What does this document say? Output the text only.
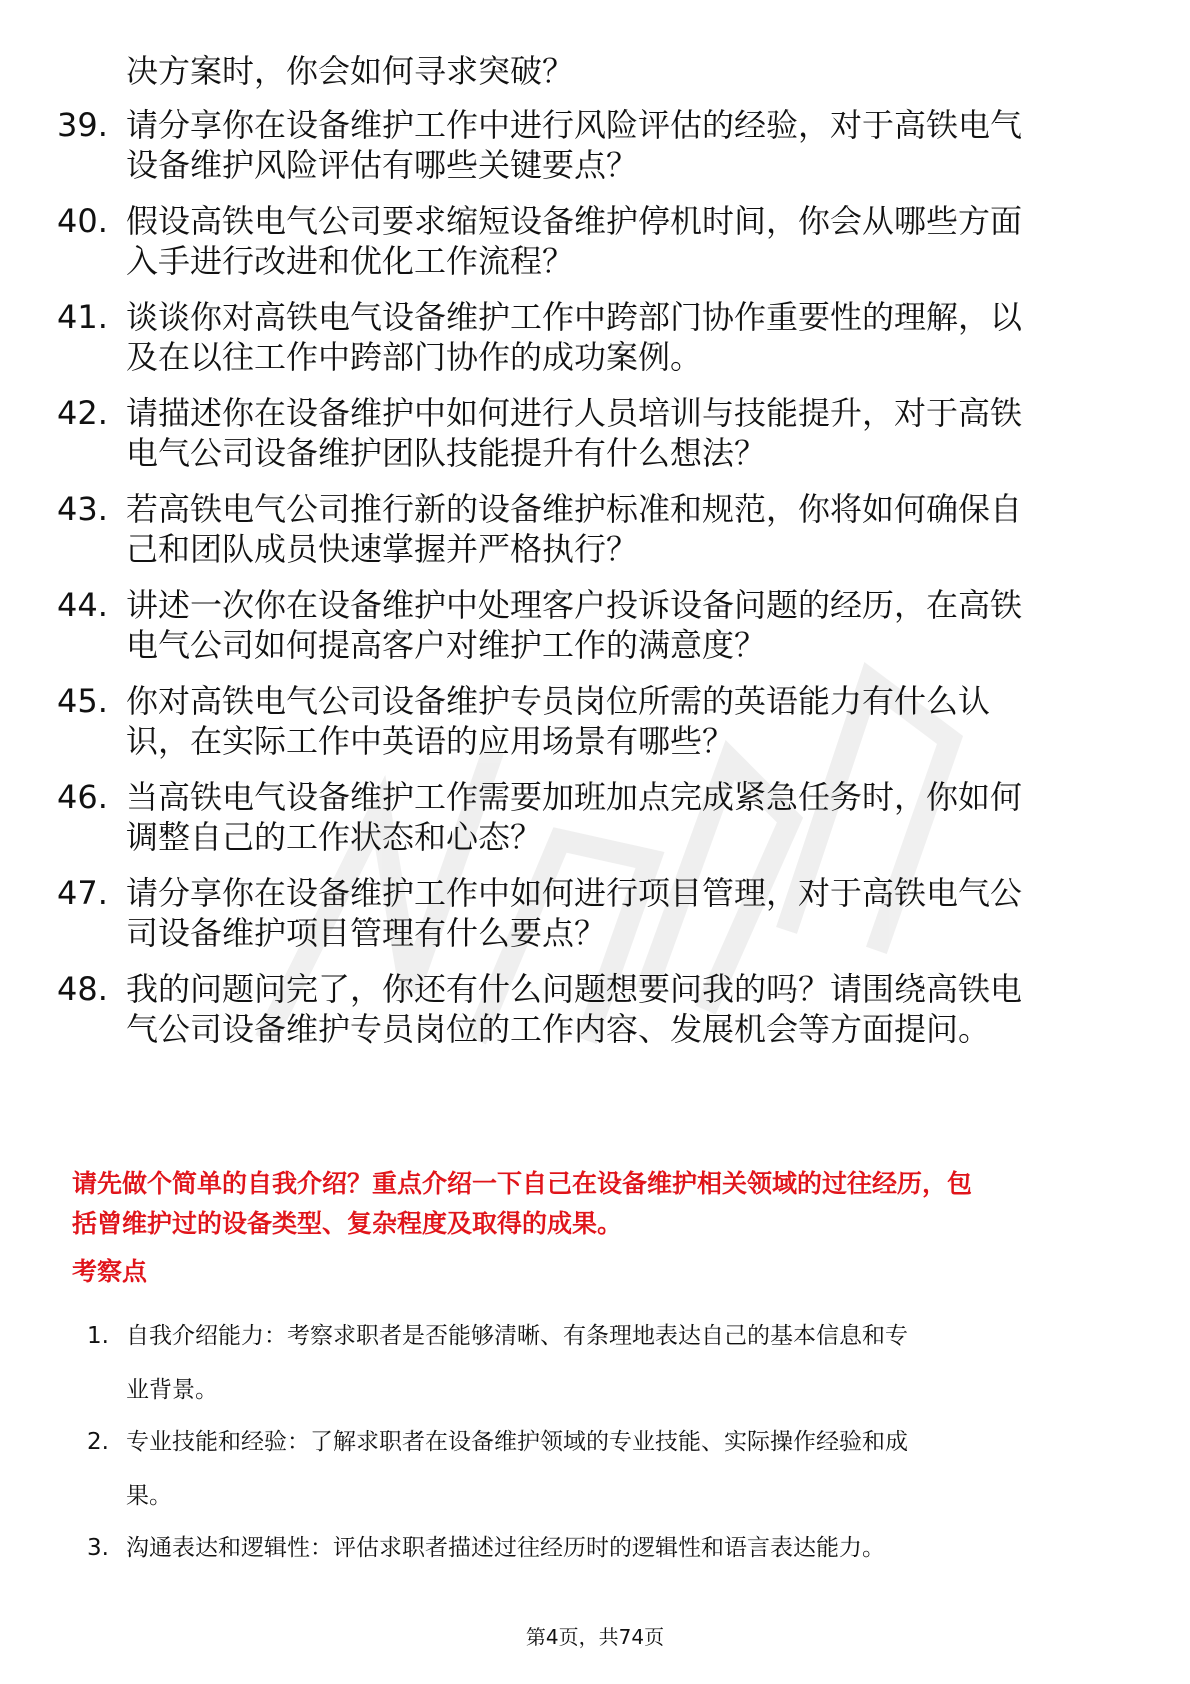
决方案时，你会如何寻求突破？
39. 请分享你在设备维护工作中进行风险评估的经验，对于高铁电气
设备维护风险评估有哪些关键要点？
40. 假设高铁电气公司要求缩短设备维护停机时间，你会从哪些方面
入手进行改进和优化工作流程？
41. 谈谈你对高铁电气设备维护工作中跨部门协作重要性的理解，以
及在以往工作中跨部门协作的成功案例。
42. 请描述你在设备维护中如何进行人员培训与技能提升，对于高铁
电气公司设备维护团队技能提升有什么想法？
43. 若高铁电气公司推行新的设备维护标准和规范，你将如何确保自
己和团队成员快速掌握并严格执行？
44. 讲述一次你在设备维护中处理客户投诉设备问题的经历，在高铁
电气公司如何提高客户对维护工作的满意度？
45. 你对高铁电气公司设备维护专员岗位所需的英语能力有什么认
识，在实际工作中英语的应用场景有哪些？
46. 当高铁电气设备维护工作需要加班加点完成紧急任务时，你如何
调整自己的工作状态和心态？
47. 请分享你在设备维护工作中如何进行项目管理，对于高铁电气公
司设备维护项目管理有什么要点？
48. 我的问题问完了，你还有什么问题想要问我的吗？请围绕高铁电
气公司设备维护专员岗位的工作内容、发展机会等方面提问。
请先做个简单的自我介绍？重点介绍一下自己在设备维护相关领域的过往经历，包
括曾维护过的设备类型、复杂程度及取得的成果。
考察点
1. 自我介绍能力：考察求职者是否能够清晰、有条理地表达自己的基本信息和专
业背景。
2. 专业技能和经验：了解求职者在设备维护领域的专业技能、实际操作经验和成
果。
3. 沟通表达和逻辑性：评估求职者描述过往经历时的逻辑性和语言表达能力。
第4页，共74页
